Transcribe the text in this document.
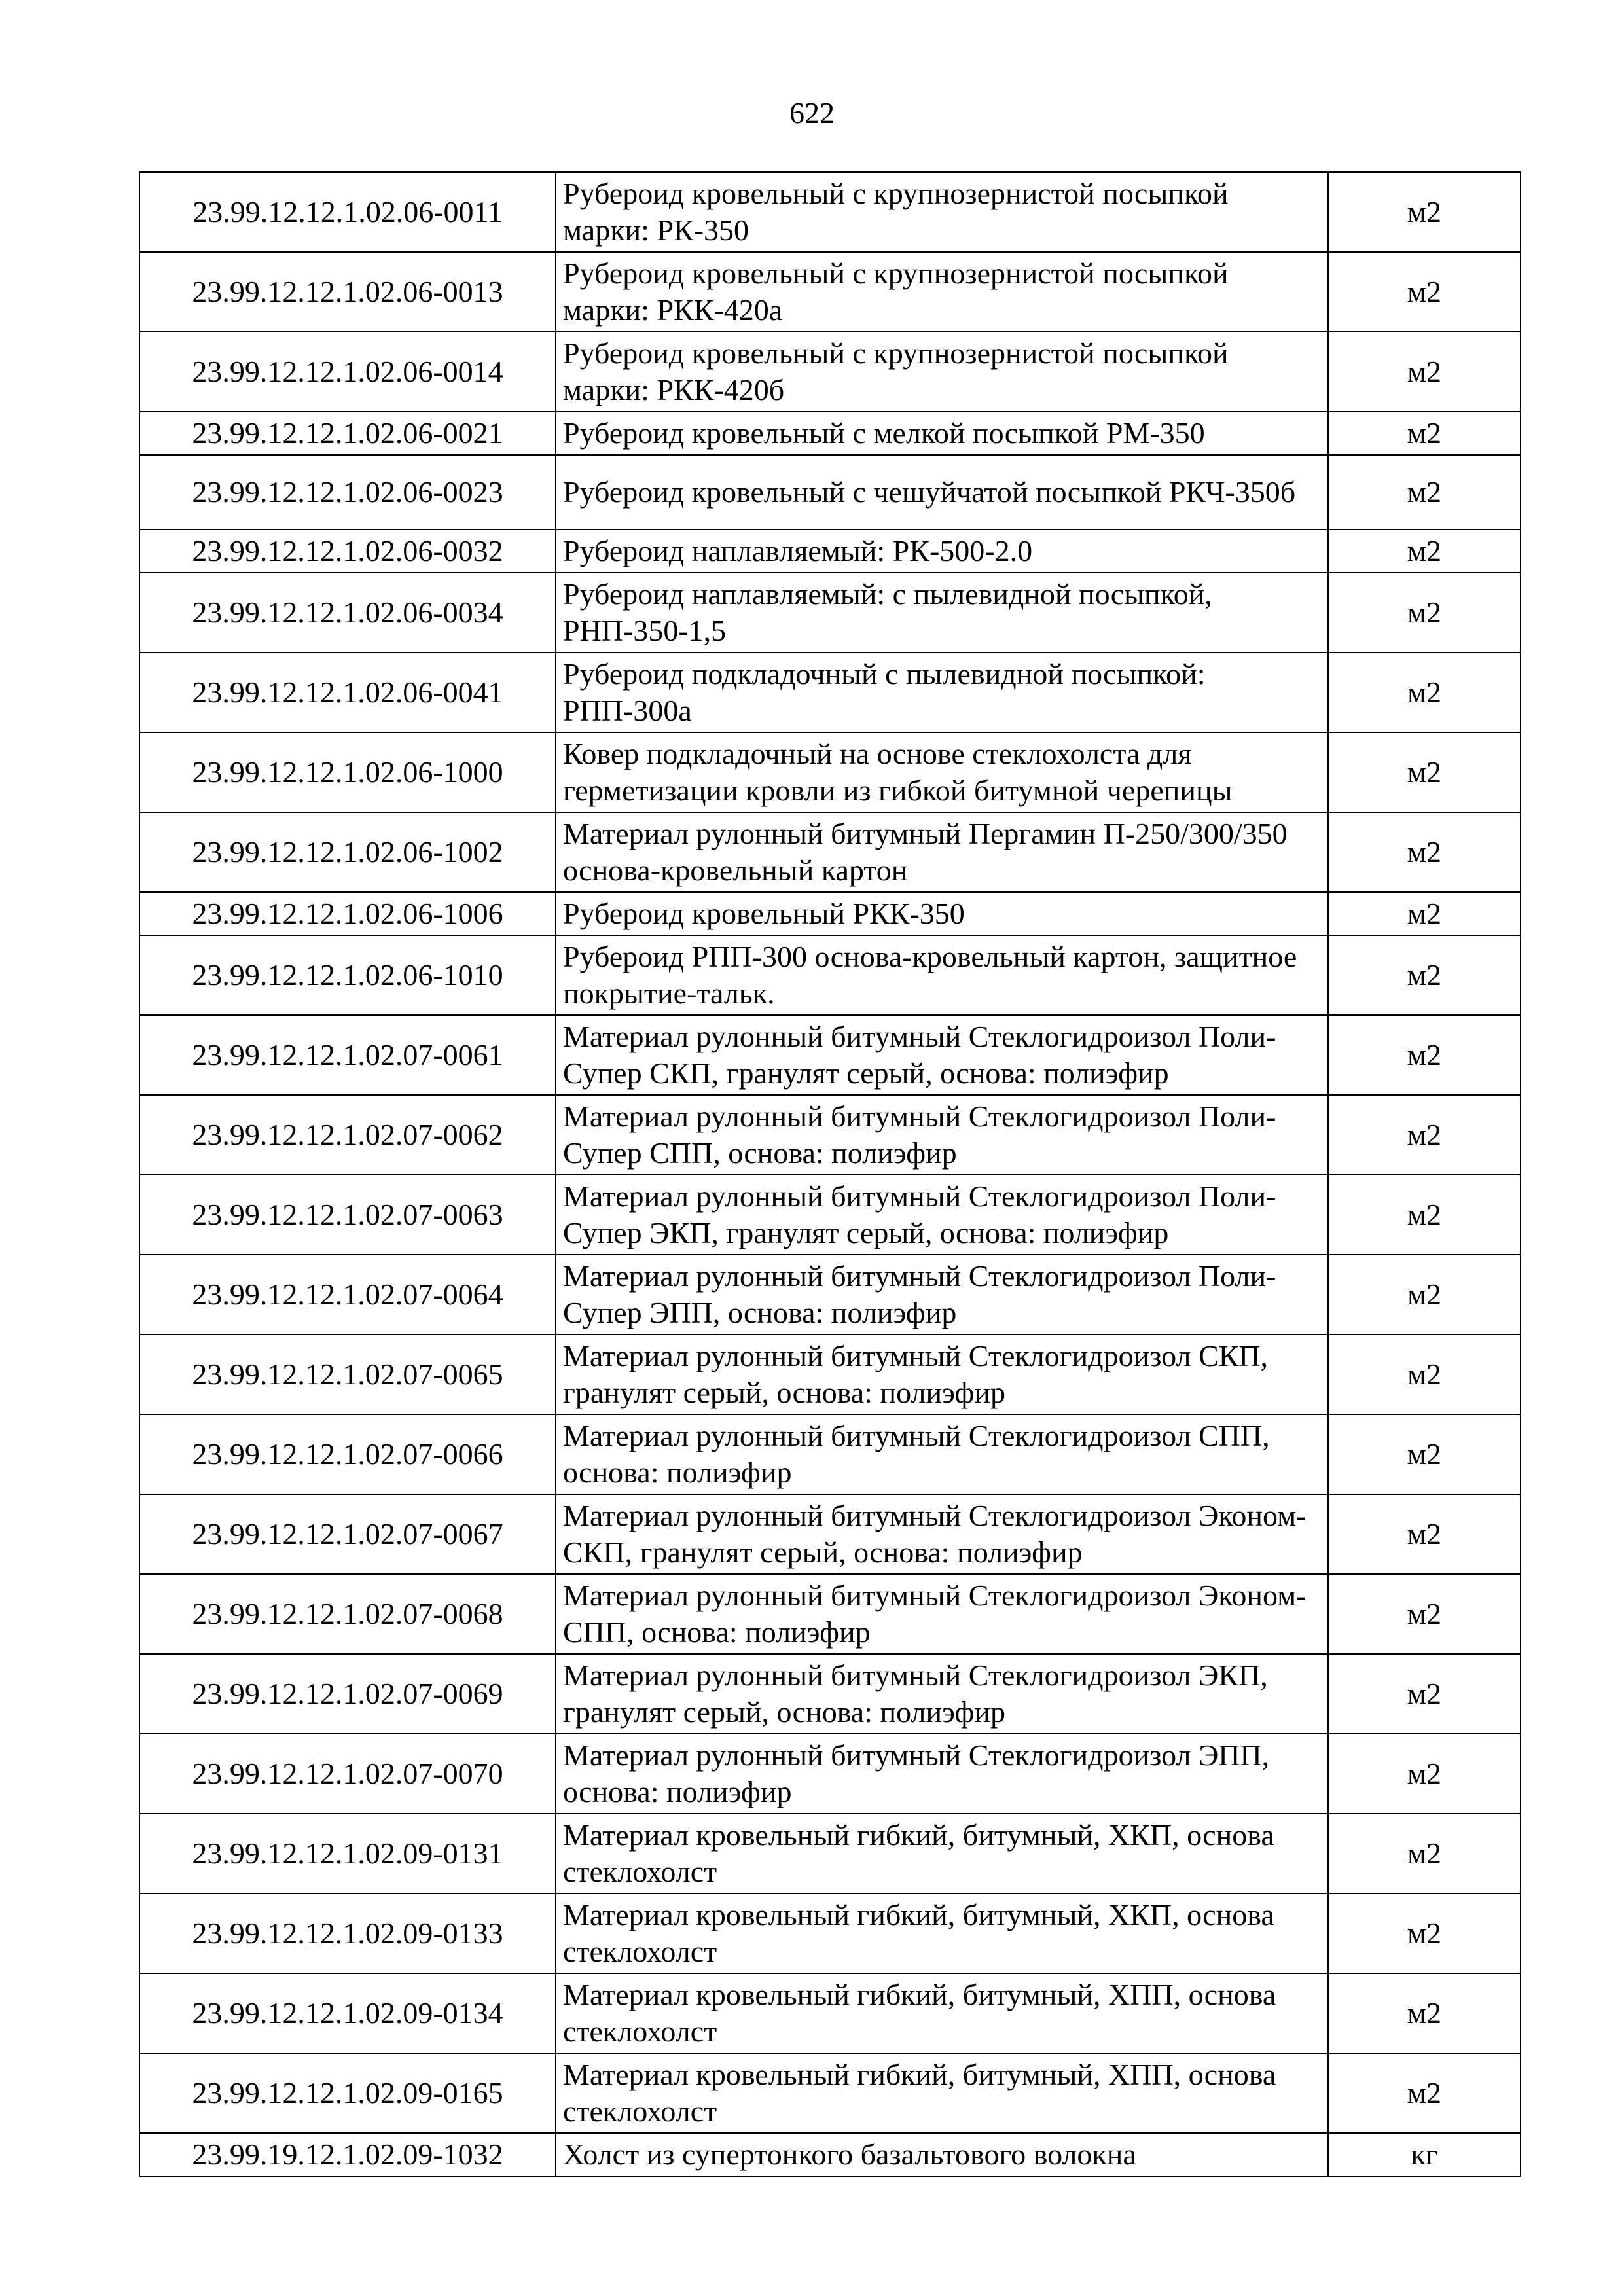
622
23.99.12.12.1.02.06-0011	Рубероид кровельный с крупнозернистой посыпкой марки: РК-350	м2
23.99.12.12.1.02.06-0013	Рубероид кровельный с крупнозернистой посыпкой марки: РКК-420а	м2
23.99.12.12.1.02.06-0014	Рубероид кровельный с крупнозернистой посыпкой марки: РКК-420б	м2
23.99.12.12.1.02.06-0021	Рубероид кровельный с мелкой посыпкой РМ-350	м2
23.99.12.12.1.02.06-0023	Рубероид кровельный с чешуйчатой посыпкой РКЧ-350б	м2
23.99.12.12.1.02.06-0032	Рубероид наплавляемый: РК-500-2.0	м2
23.99.12.12.1.02.06-0034	Рубероид наплавляемый: с пылевидной посыпкой, РНП-350-1,5	м2
23.99.12.12.1.02.06-0041	Рубероид подкладочный с пылевидной посыпкой: РПП-300а	м2
23.99.12.12.1.02.06-1000	Ковер подкладочный на основе стеклохолста для герметизации кровли из гибкой битумной черепицы	м2
23.99.12.12.1.02.06-1002	Материал рулонный битумный Пергамин П-250/300/350 основа-кровельный картон	м2
23.99.12.12.1.02.06-1006	Рубероид кровельный РКК-350	м2
23.99.12.12.1.02.06-1010	Рубероид РПП-300 основа-кровельный картон, защитное покрытие-тальк.	м2
23.99.12.12.1.02.07-0061	Материал рулонный битумный Стеклогидроизол Поли-Супер СКП, гранулят серый, основа: полиэфир	м2
23.99.12.12.1.02.07-0062	Материал рулонный битумный Стеклогидроизол Поли-Супер СПП, основа: полиэфир	м2
23.99.12.12.1.02.07-0063	Материал рулонный битумный Стеклогидроизол Поли-Супер ЭКП, гранулят серый, основа: полиэфир	м2
23.99.12.12.1.02.07-0064	Материал рулонный битумный Стеклогидроизол Поли-Супер ЭПП, основа: полиэфир	м2
23.99.12.12.1.02.07-0065	Материал рулонный битумный Стеклогидроизол СКП, гранулят серый, основа: полиэфир	м2
23.99.12.12.1.02.07-0066	Материал рулонный битумный Стеклогидроизол СПП, основа: полиэфир	м2
23.99.12.12.1.02.07-0067	Материал рулонный битумный Стеклогидроизол Эконом-СКП, гранулят серый, основа: полиэфир	м2
23.99.12.12.1.02.07-0068	Материал рулонный битумный Стеклогидроизол Эконом-СПП, основа: полиэфир	м2
23.99.12.12.1.02.07-0069	Материал рулонный битумный Стеклогидроизол ЭКП, гранулят серый, основа: полиэфир	м2
23.99.12.12.1.02.07-0070	Материал рулонный битумный Стеклогидроизол ЭПП, основа: полиэфир	м2
23.99.12.12.1.02.09-0131	Материал кровельный гибкий, битумный, ХКП, основа стеклохолст	м2
23.99.12.12.1.02.09-0133	Материал кровельный гибкий, битумный, ХКП, основа стеклохолст	м2
23.99.12.12.1.02.09-0134	Материал кровельный гибкий, битумный, ХПП, основа стеклохолст	м2
23.99.12.12.1.02.09-0165	Материал кровельный гибкий, битумный, ХПП, основа стеклохолст	м2
23.99.19.12.1.02.09-1032	Холст из супертонкого базальтового волокна	кг
